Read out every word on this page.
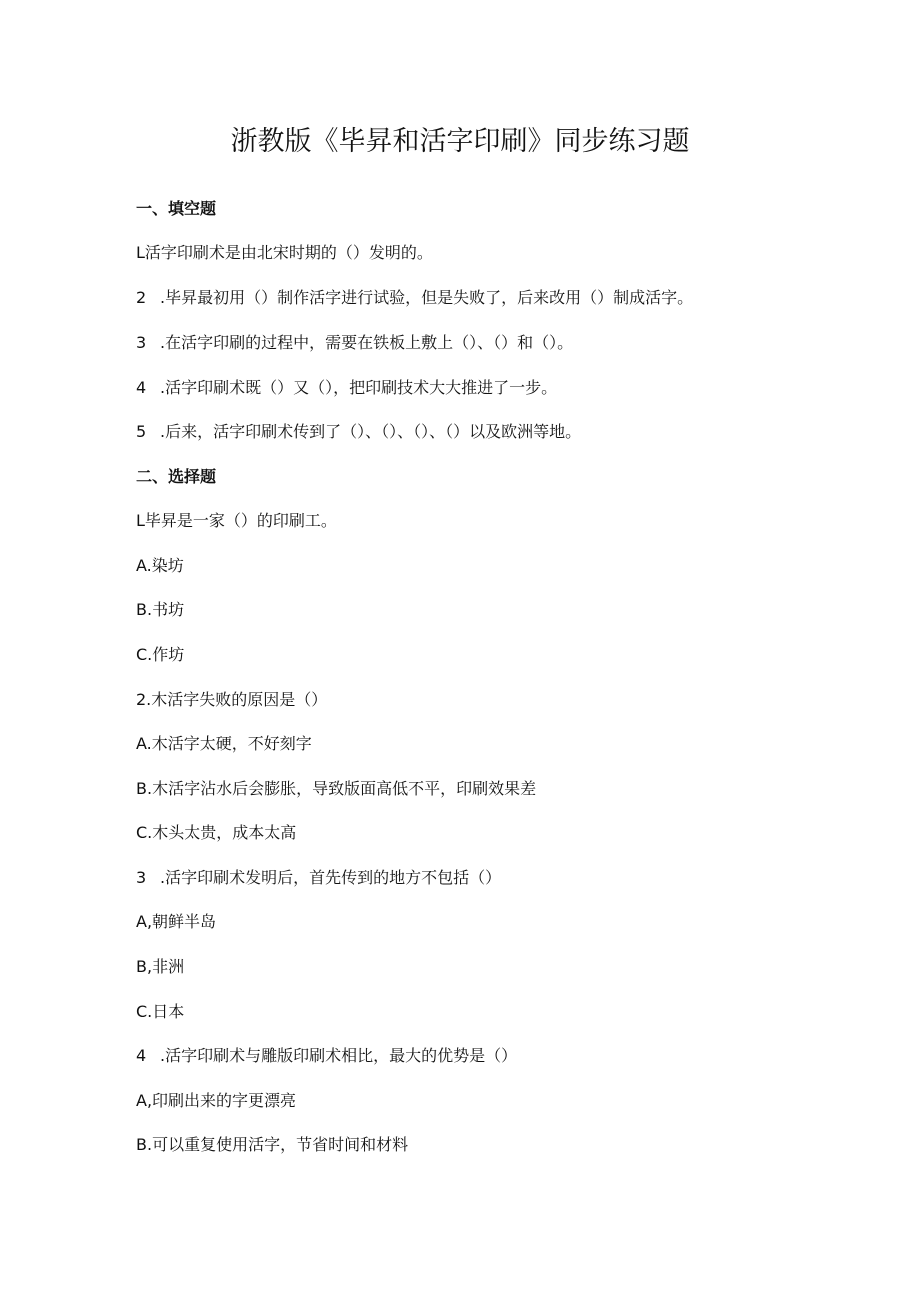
浙教版《毕昇和活字印刷》同步练习题
一、填空题
L活字印刷术是由北宋时期的（）发明的。
2 .毕昇最初用（）制作活字进行试验，但是失败了，后来改用（）制成活字。
3 .在活字印刷的过程中，需要在铁板上敷上（）、（）和（）。
4 .活字印刷术既（）又（），把印刷技术大大推进了一步。
5 .后来，活字印刷术传到了（）、（）、（）、（）以及欧洲等地。
二、选择题
L毕昇是一家（）的印刷工。
A.染坊
B.书坊
C.作坊
2.木活字失败的原因是（）
A.木活字太硬，不好刻字
B.木活字沾水后会膨胀，导致版面高低不平，印刷效果差
C.木头太贵，成本太高
3 .活字印刷术发明后，首先传到的地方不包括（）
A,朝鲜半岛
B,非洲
C.日本
4 .活字印刷术与雕版印刷术相比，最大的优势是（）
A,印刷出来的字更漂亮
B.可以重复使用活字，节省时间和材料
